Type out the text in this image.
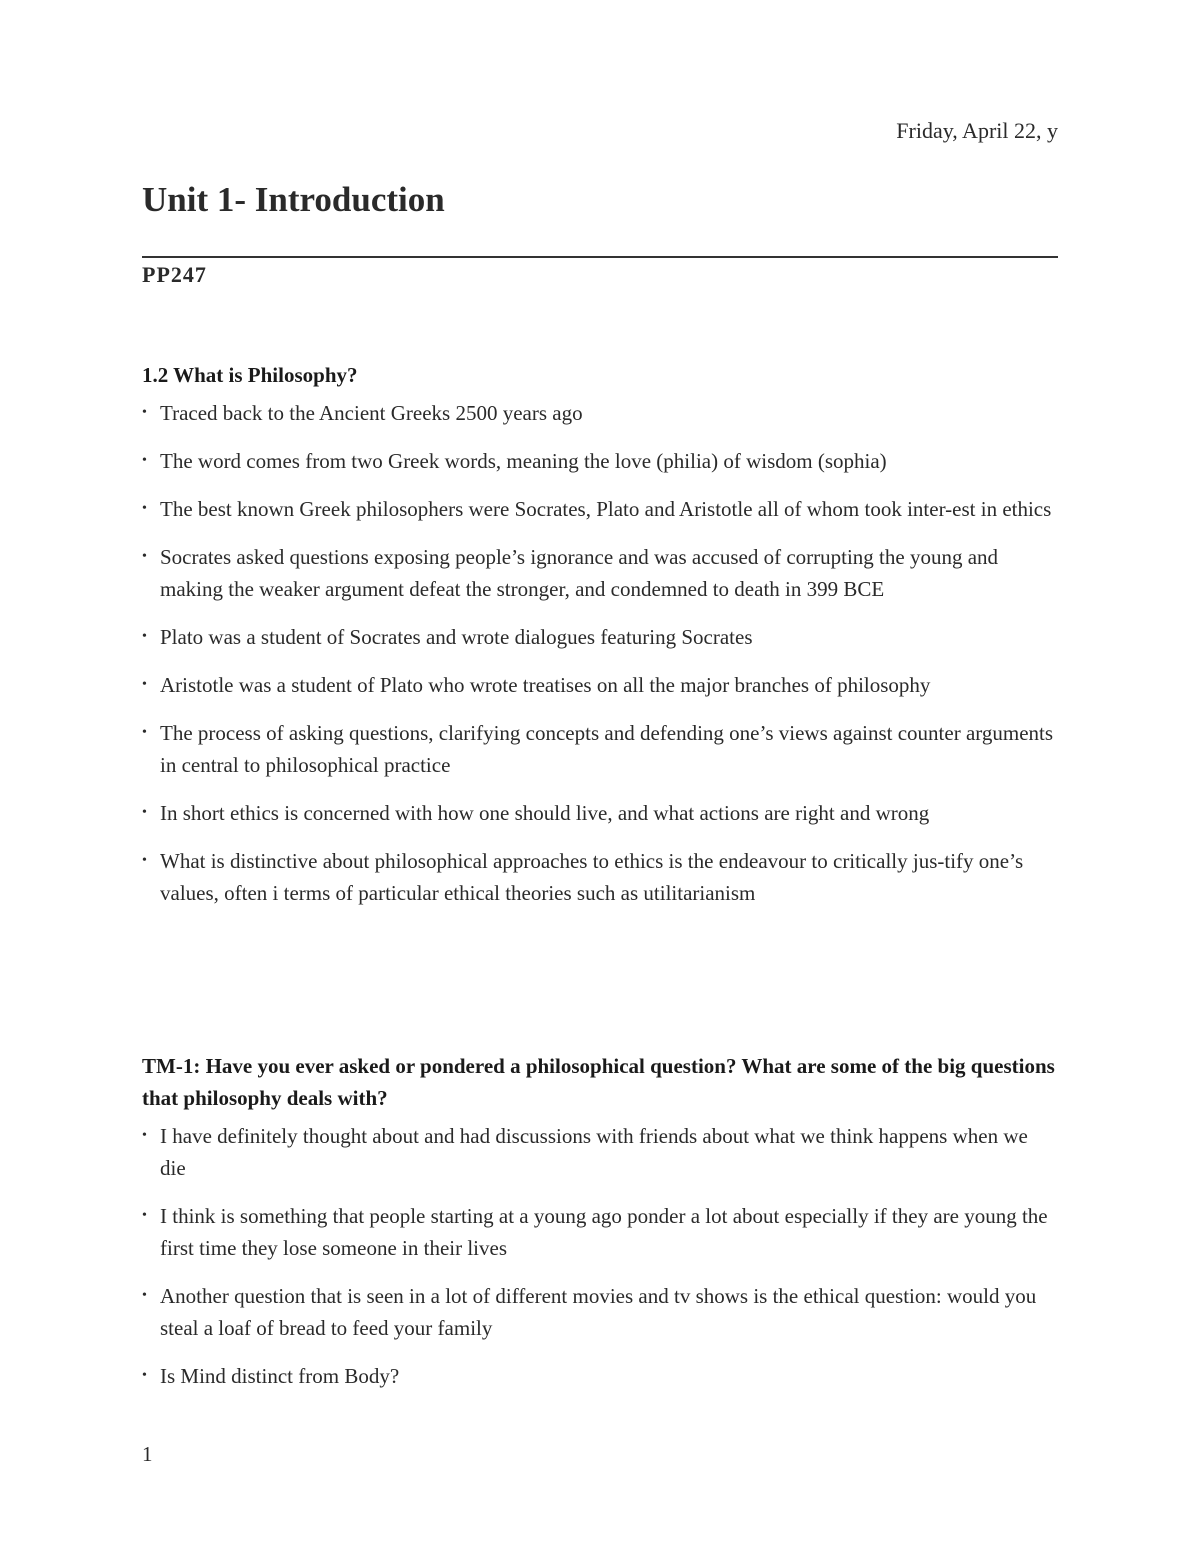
Friday, April 22, y
Unit 1- Introduction
PP247
1.2 What is Philosophy?
• Traced back to the Ancient Greeks 2500 years ago
• The word comes from two Greek words, meaning the love (philia) of wisdom (sophia)
• The best known Greek philosophers were Socrates, Plato and Aristotle all of whom took inter-est in ethics
• Socrates asked questions exposing people’s ignorance and was accused of corrupting the young and making the weaker argument defeat the stronger, and condemned to death in 399 BCE
• Plato was a student of Socrates and wrote dialogues featuring Socrates
• Aristotle was a student of Plato who wrote treatises on all the major branches of philosophy
• The process of asking questions, clarifying concepts and defending one’s views against counter arguments in central to philosophical practice
• In short ethics is concerned with how one should live, and what actions are right and wrong
• What is distinctive about philosophical approaches to ethics is the endeavour to critically jus-tify one’s values, often i terms of particular ethical theories such as utilitarianism
TM-1: Have you ever asked or pondered a philosophical question? What are some of the big questions that philosophy deals with?
• I have definitely thought about and had discussions with friends about what we think happens when we die
• I think is something that people starting at a young ago ponder a lot about especially if they are young the first time they lose someone in their lives
• Another question that is seen in a lot of different movies and tv shows is the ethical question: would you steal a loaf of bread to feed your family
• Is Mind distinct from Body?
1
